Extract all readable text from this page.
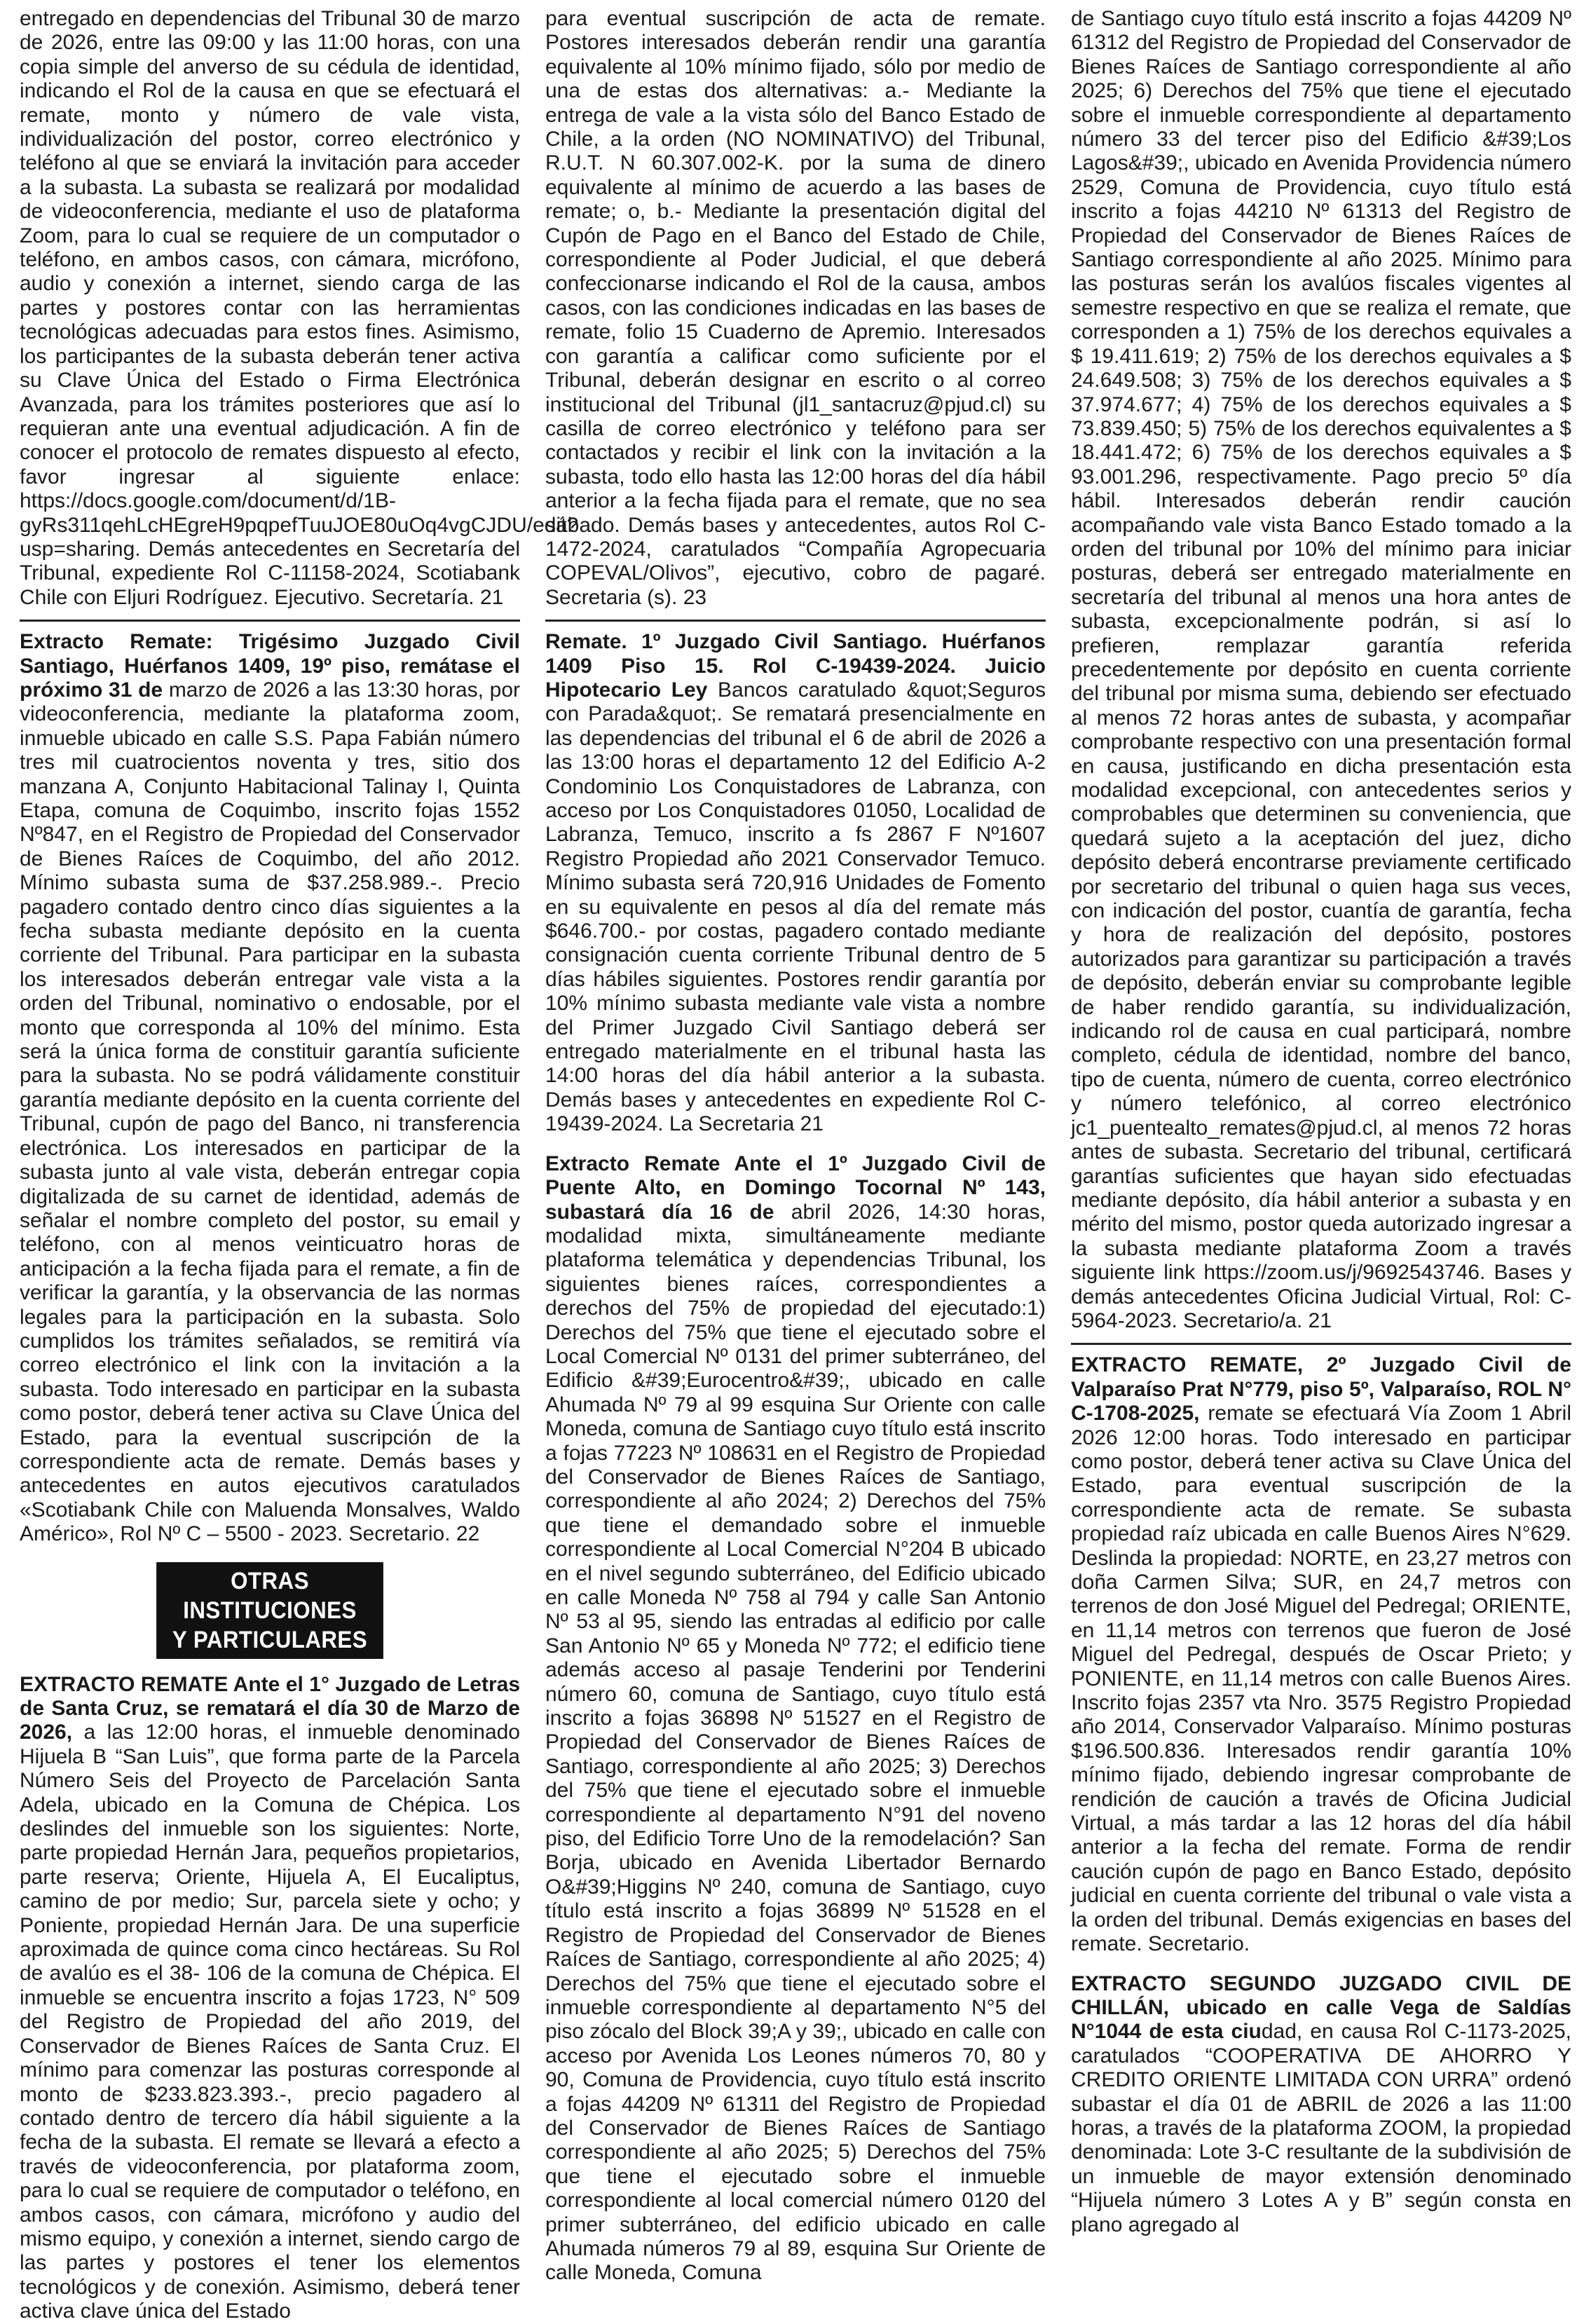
entregado en dependencias del Tribunal 30 de marzo de 2026, entre las 09:00 y las 11:00 horas, con una copia simple del anverso de su cédula de identidad, indicando el Rol de la causa en que se efectuará el remate, monto y número de vale vista, individualización del postor, correo electrónico y teléfono al que se enviará la invitación para acceder a la subasta. La subasta se realizará por modalidad de videoconferencia, mediante el uso de plataforma Zoom, para lo cual se requiere de un computador o teléfono, en ambos casos, con cámara, micrófono, audio y conexión a internet, siendo carga de las partes y postores contar con las herramientas tecnológicas adecuadas para estos fines. Asimismo, los participantes de la subasta deberán tener activa su Clave Única del Estado o Firma Electrónica Avanzada, para los trámites posteriores que así lo requieran ante una eventual adjudicación. A fin de conocer el protocolo de remates dispuesto al efecto, favor ingresar al siguiente enlace: https://docs.google.com/document/d/1B-gyRs311qehLcHEgreH9pqpefTuuJOE80uOq4vgCJDU/edit?usp=sharing. Demás antecedentes en Secretaría del Tribunal, expediente Rol C-11158-2024, Scotiabank Chile con Eljuri Rodríguez. Ejecutivo. Secretaría. 21

Extracto Remate: Trigésimo Juzgado Civil Santiago, Huérfanos 1409, 19º piso, remátase el próximo 31 de marzo de 2026 a las 13:30 horas, por videoconferencia, mediante la plataforma zoom, inmueble ubicado en calle S.S. Papa Fabián número tres mil cuatrocientos noventa y tres, sitio dos manzana A, Conjunto Habitacional Talinay I, Quinta Etapa, comuna de Coquimbo, inscrito fojas 1552 Nº847, en el Registro de Propiedad del Conservador de Bienes Raíces de Coquimbo, del año 2012. Mínimo subasta suma de $37.258.989.-. Precio pagadero contado dentro cinco días siguientes a la fecha subasta mediante depósito en la cuenta corriente del Tribunal. Para participar en la subasta los interesados deberán entregar vale vista a la orden del Tribunal, nominativo o endosable, por el monto que corresponda al 10% del mínimo. Esta será la única forma de constituir garantía suficiente para la subasta. No se podrá válidamente constituir garantía mediante depósito en la cuenta corriente del Tribunal, cupón de pago del Banco, ni transferencia electrónica. Los interesados en participar de la subasta junto al vale vista, deberán entregar copia digitalizada de su carnet de identidad, además de señalar el nombre completo del postor, su email y teléfono, con al menos veinticuatro horas de anticipación a la fecha fijada para el remate, a fin de verificar la garantía, y la observancia de las normas legales para la participación en la subasta. Solo cumplidos los trámites señalados, se remitirá vía correo electrónico el link con la invitación a la subasta. Todo interesado en participar en la subasta como postor, deberá tener activa su Clave Única del Estado, para la eventual suscripción de la correspondiente acta de remate. Demás bases y antecedentes en autos ejecutivos caratulados «Scotiabank Chile con Maluenda Monsalves, Waldo Américo», Rol Nº C – 5500 - 2023. Secretario. 22

OTRAS INSTITUCIONES
Y PARTICULARES

EXTRACTO REMATE Ante el 1° Juzgado de Letras de Santa Cruz, se rematará el día 30 de Marzo de 2026, a las 12:00 horas, el inmueble denominado Hijuela B “San Luis”, que forma parte de la Parcela Número Seis del Proyecto de Parcelación Santa Adela, ubicado en la Comuna de Chépica. Los deslindes del inmueble son los siguientes: Norte, parte propiedad Hernán Jara, pequeños propietarios, parte reserva; Oriente, Hijuela A, El Eucaliptus, camino de por medio; Sur, parcela siete y ocho; y Poniente, propiedad Hernán Jara. De una superficie aproximada de quince coma cinco hectáreas. Su Rol de avalúo es el 38- 106 de la comuna de Chépica. El inmueble se encuentra inscrito a fojas 1723, N° 509 del Registro de Propiedad del año 2019, del Conservador de Bienes Raíces de Santa Cruz. El mínimo para comenzar las posturas corresponde al monto de $233.823.393.-, precio pagadero al contado dentro de tercero día hábil siguiente a la fecha de la subasta. El remate se llevará a efecto a través de videoconferencia, por plataforma zoom, para lo cual se requiere de computador o teléfono, en ambos casos, con cámara, micrófono y audio del mismo equipo, y conexión a internet, siendo cargo de las partes y postores el tener los elementos tecnológicos y de conexión. Asimismo, deberá tener activa clave única del Estado

para eventual suscripción de acta de remate. Postores interesados deberán rendir una garantía equivalente al 10% mínimo fijado, sólo por medio de una de estas dos alternativas: a.- Mediante la entrega de vale a la vista sólo del Banco Estado de Chile, a la orden (NO NOMINATIVO) del Tribunal, R.U.T. N 60.307.002-K. por la suma de dinero equivalente al mínimo de acuerdo a las bases de remate; o, b.- Mediante la presentación digital del Cupón de Pago en el Banco del Estado de Chile, correspondiente al Poder Judicial, el que deberá confeccionarse indicando el Rol de la causa, ambos casos, con las condiciones indicadas en las bases de remate, folio 15 Cuaderno de Apremio. Interesados con garantía a calificar como suficiente por el Tribunal, deberán designar en escrito o al correo institucional del Tribunal (jl1_santacruz@pjud.cl) su casilla de correo electrónico y teléfono para ser contactados y recibir el link con la invitación a la subasta, todo ello hasta las 12:00 horas del día hábil anterior a la fecha fijada para el remate, que no sea sábado. Demás bases y antecedentes, autos Rol C-1472-2024, caratulados “Compañía Agropecuaria COPEVAL/Olivos”, ejecutivo, cobro de pagaré. Secretaria (s). 23

Remate. 1º Juzgado Civil Santiago. Huérfanos 1409 Piso 15. Rol C-19439-2024. Juicio Hipotecario Ley Bancos caratulado &quot;Seguros con Parada&quot;. Se rematará presencialmente en las dependencias del tribunal el 6 de abril de 2026 a las 13:00 horas el departamento 12 del Edificio A-2 Condominio Los Conquistadores de Labranza, con acceso por Los Conquistadores 01050, Localidad de Labranza, Temuco, inscrito a fs 2867 F Nº1607 Registro Propiedad año 2021 Conservador Temuco. Mínimo subasta será 720,916 Unidades de Fomento en su equivalente en pesos al día del remate más $646.700.- por costas, pagadero contado mediante consignación cuenta corriente Tribunal dentro de 5 días hábiles siguientes. Postores rendir garantía por 10% mínimo subasta mediante vale vista a nombre del Primer Juzgado Civil Santiago deberá ser entregado materialmente en el tribunal hasta las 14:00 horas del día hábil anterior a la subasta. Demás bases y antecedentes en expediente Rol C-19439-2024. La Secretaria 21

Extracto Remate Ante el 1º Juzgado Civil de Puente Alto, en Domingo Tocornal Nº 143, subastará día 16 de abril 2026, 14:30 horas, modalidad mixta, simultáneamente mediante plataforma telemática y dependencias Tribunal, los siguientes bienes raíces, correspondientes a derechos del 75% de propiedad del ejecutado:1) Derechos del 75% que tiene el ejecutado sobre el Local Comercial Nº 0131 del primer subterráneo, del Edificio &#39;Eurocentro&#39;, ubicado en calle Ahumada Nº 79 al 99 esquina Sur Oriente con calle Moneda, comuna de Santiago cuyo título está inscrito a fojas 77223 Nº 108631 en el Registro de Propiedad del Conservador de Bienes Raíces de Santiago, correspondiente al año 2024; 2) Derechos del 75% que tiene el demandado sobre el inmueble correspondiente al Local Comercial N°204 B ubicado en el nivel segundo subterráneo, del Edificio ubicado en calle Moneda Nº 758 al 794 y calle San Antonio Nº 53 al 95, siendo las entradas al edificio por calle San Antonio Nº 65 y Moneda Nº 772; el edificio tiene además acceso al pasaje Tenderini por Tenderini número 60, comuna de Santiago, cuyo título está inscrito a fojas 36898 Nº 51527 en el Registro de Propiedad del Conservador de Bienes Raíces de Santiago, correspondiente al año 2025; 3) Derechos del 75% que tiene el ejecutado sobre el inmueble correspondiente al departamento N°91 del noveno piso, del Edificio Torre Uno de la remodelación? San Borja, ubicado en Avenida Libertador Bernardo O&#39;Higgins Nº 240, comuna de Santiago, cuyo título está inscrito a fojas 36899 Nº 51528 en el Registro de Propiedad del Conservador de Bienes Raíces de Santiago, correspondiente al año 2025; 4) Derechos del 75% que tiene el ejecutado sobre el inmueble correspondiente al departamento N°5 del piso zócalo del Block 39;A y 39;, ubicado en calle con acceso por Avenida Los Leones números 70, 80 y 90, Comuna de Providencia, cuyo título está inscrito a fojas 44209 Nº 61311 del Registro de Propiedad del Conservador de Bienes Raíces de Santiago correspondiente al año 2025; 5) Derechos del 75% que tiene el ejecutado sobre el inmueble correspondiente al local comercial número 0120 del primer subterráneo, del edificio ubicado en calle Ahumada números 79 al 89, esquina Sur Oriente de calle Moneda, Comuna

de Santiago cuyo título está inscrito a fojas 44209 Nº 61312 del Registro de Propiedad del Conservador de Bienes Raíces de Santiago correspondiente al año 2025; 6) Derechos del 75% que tiene el ejecutado sobre el inmueble correspondiente al departamento número 33 del tercer piso del Edificio &#39;Los Lagos&#39;, ubicado en Avenida Providencia número 2529, Comuna de Providencia, cuyo título está inscrito a fojas 44210 Nº 61313 del Registro de Propiedad del Conservador de Bienes Raíces de Santiago correspondiente al año 2025. Mínimo para las posturas serán los avalúos fiscales vigentes al semestre respectivo en que se realiza el remate, que corresponden a 1) 75% de los derechos equivales a $ 19.411.619; 2) 75% de los derechos equivales a $ 24.649.508; 3) 75% de los derechos equivales a $ 37.974.677; 4) 75% de los derechos equivales a $ 73.839.450; 5) 75% de los derechos equivalentes a $ 18.441.472; 6) 75% de los derechos equivales a $ 93.001.296, respectivamente. Pago precio 5º día hábil. Interesados deberán rendir caución acompañando vale vista Banco Estado tomado a la orden del tribunal por 10% del mínimo para iniciar posturas, deberá ser entregado materialmente en secretaría del tribunal al menos una hora antes de subasta, excepcionalmente podrán, si así lo prefieren, remplazar garantía referida precedentemente por depósito en cuenta corriente del tribunal por misma suma, debiendo ser efectuado al menos 72 horas antes de subasta, y acompañar comprobante respectivo con una presentación formal en causa, justificando en dicha presentación esta modalidad excepcional, con antecedentes serios y comprobables que determinen su conveniencia, que quedará sujeto a la aceptación del juez, dicho depósito deberá encontrarse previamente certificado por secretario del tribunal o quien haga sus veces, con indicación del postor, cuantía de garantía, fecha y hora de realización del depósito, postores autorizados para garantizar su participación a través de depósito, deberán enviar su comprobante legible de haber rendido garantía, su individualización, indicando rol de causa en cual participará, nombre completo, cédula de identidad, nombre del banco, tipo de cuenta, número de cuenta, correo electrónico y número telefónico, al correo electrónico jc1_puentealto_remates@pjud.cl, al menos 72 horas antes de subasta. Secretario del tribunal, certificará garantías suficientes que hayan sido efectuadas mediante depósito, día hábil anterior a subasta y en mérito del mismo, postor queda autorizado ingresar a la subasta mediante plataforma Zoom a través siguiente link https://zoom.us/j/9692543746. Bases y demás antecedentes Oficina Judicial Virtual, Rol: C-5964-2023. Secretario/a. 21

EXTRACTO REMATE, 2º Juzgado Civil de Valparaíso Prat N°779, piso 5º, Valparaíso, ROL N° C-1708-2025, remate se efectuará Vía Zoom 1 Abril 2026 12:00 horas. Todo interesado en participar como postor, deberá tener activa su Clave Única del Estado, para eventual suscripción de la correspondiente acta de remate. Se subasta propiedad raíz ubicada en calle Buenos Aires N°629. Deslinda la propiedad: NORTE, en 23,27 metros con doña Carmen Silva; SUR, en 24,7 metros con terrenos de don José Miguel del Pedregal; ORIENTE, en 11,14 metros con terrenos que fueron de José Miguel del Pedregal, después de Oscar Prieto; y PONIENTE, en 11,14 metros con calle Buenos Aires. Inscrito fojas 2357 vta Nro. 3575 Registro Propiedad año 2014, Conservador Valparaíso. Mínimo posturas $196.500.836. Interesados rendir garantía 10% mínimo fijado, debiendo ingresar comprobante de rendición de caución a través de Oficina Judicial Virtual, a más tardar a las 12 horas del día hábil anterior a la fecha del remate. Forma de rendir caución cupón de pago en Banco Estado, depósito judicial en cuenta corriente del tribunal o vale vista a la orden del tribunal. Demás exigencias en bases del remate. Secretario.

EXTRACTO SEGUNDO JUZGADO CIVIL DE CHILLÁN, ubicado en calle Vega de Saldías N°1044 de esta ciudad, en causa Rol C-1173-2025, caratulados “COOPERATIVA DE AHORRO Y CREDITO ORIENTE LIMITADA CON URRA” ordenó subastar el día 01 de ABRIL de 2026 a las 11:00 horas, a través de la plataforma ZOOM, la propiedad denominada: Lote 3-C resultante de la subdivisión de un inmueble de mayor extensión denominado “Hijuela número 3 Lotes A y B” según consta en plano agregado al
